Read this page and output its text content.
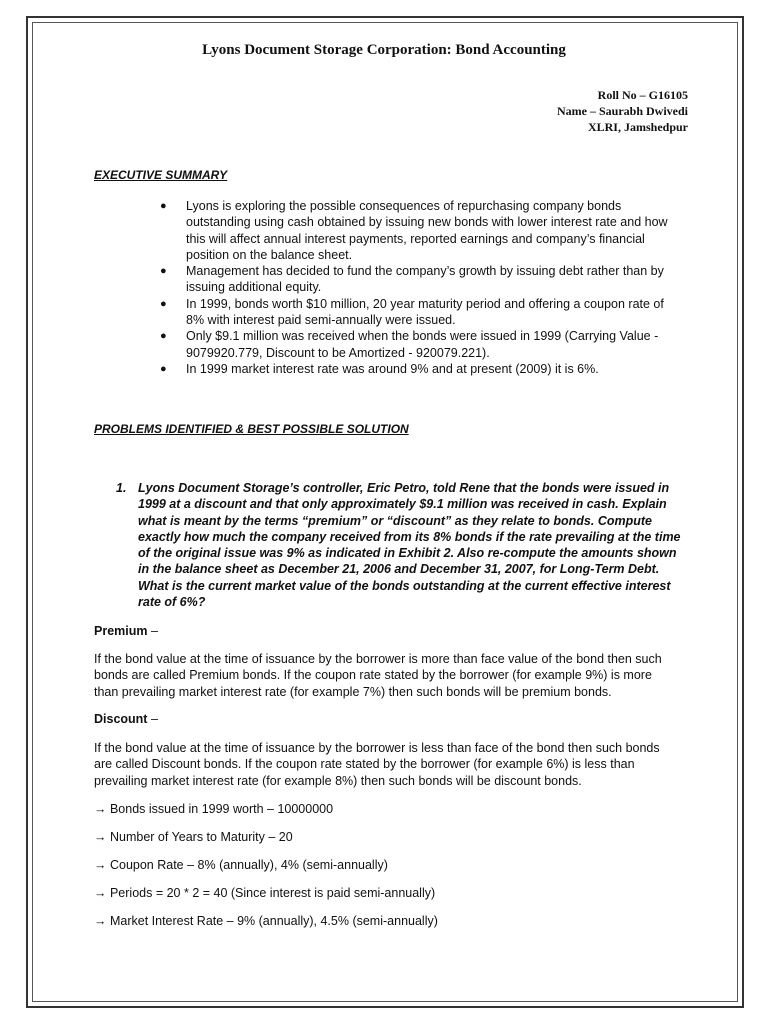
Lyons Document Storage Corporation: Bond Accounting
Roll No – G16105
Name – Saurabh Dwivedi
XLRI, Jamshedpur
EXECUTIVE SUMMARY
● Lyons is exploring the possible consequences of repurchasing company bonds outstanding using cash obtained by issuing new bonds with lower interest rate and how this will affect annual interest payments, reported earnings and company’s financial position on the balance sheet.
● Management has decided to fund the company’s growth by issuing debt rather than by issuing additional equity.
● In 1999, bonds worth $10 million, 20 year maturity period and offering a coupon rate of 8% with interest paid semi-annually were issued.
● Only $9.1 million was received when the bonds were issued in 1999 (Carrying Value - 9079920.779, Discount to be Amortized - 920079.221).
● In 1999 market interest rate was around 9% and at present (2009) it is 6%.
PROBLEMS IDENTIFIED & BEST POSSIBLE SOLUTION
1. Lyons Document Storage’s controller, Eric Petro, told Rene that the bonds were issued in 1999 at a discount and that only approximately $9.1 million was received in cash. Explain what is meant by the terms “premium” or “discount” as they relate to bonds. Compute exactly how much the company received from its 8% bonds if the rate prevailing at the time of the original issue was 9% as indicated in Exhibit 2. Also re-compute the amounts shown in the balance sheet as December 21, 2006 and December 31, 2007, for Long-Term Debt. What is the current market value of the bonds outstanding at the current effective interest rate of 6%?

Premium –

If the bond value at the time of issuance by the borrower is more than face value of the bond then such bonds are called Premium bonds. If the coupon rate stated by the borrower (for example 9%) is more than prevailing market interest rate (for example 7%) then such bonds will be premium bonds.

Discount –

If the bond value at the time of issuance by the borrower is less than face of the bond then such bonds are called Discount bonds. If the coupon rate stated by the borrower (for example 6%) is less than prevailing market interest rate (for example 8%) then such bonds will be discount bonds.

→ Bonds issued in 1999 worth – 10000000

→ Number of Years to Maturity – 20

→ Coupon Rate – 8% (annually), 4% (semi-annually)

→ Periods = 20 * 2 = 40 (Since interest is paid semi-annually)

→ Market Interest Rate – 9% (annually), 4.5% (semi-annually)
